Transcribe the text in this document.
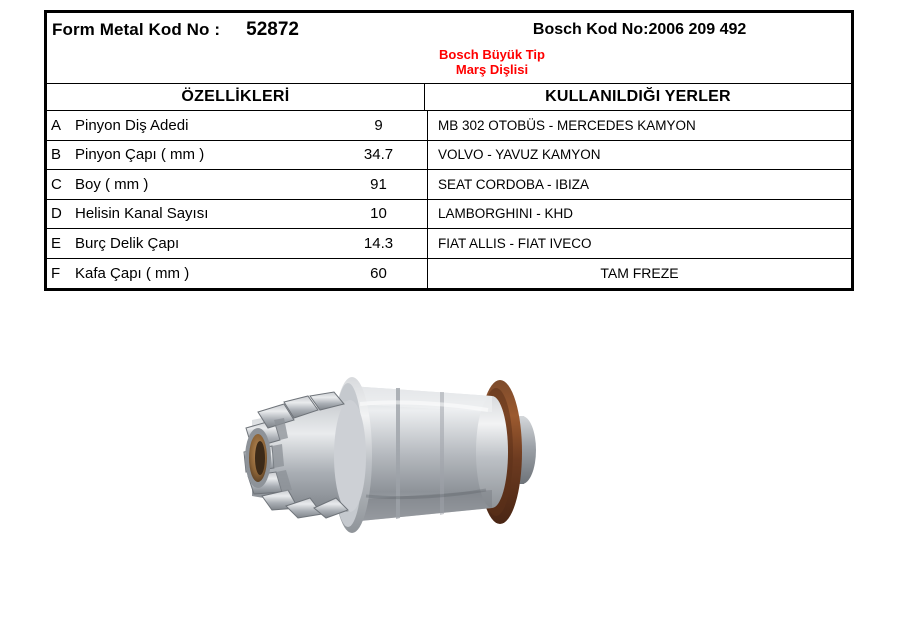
Form Metal Kod No : 52872	Bosch Kod No:2006 209 492
Bosch Büyük Tip
Marş Dişlisi
ÖZELLİKLERİ	KULLANILDIĞI YERLER
A Pinyon Diş Adedi	9	MB 302 OTOBÜS - MERCEDES KAMYON
B Pinyon Çapı ( mm )	34.7	VOLVO - YAVUZ KAMYON
C Boy ( mm )	91	SEAT CORDOBA - IBIZA
D Helisin Kanal Sayısı	10	LAMBORGHINI - KHD
E Burç Delik Çapı	14.3	FIAT ALLIS - FIAT IVECO
F Kafa Çapı ( mm )	60	TAM FREZE
